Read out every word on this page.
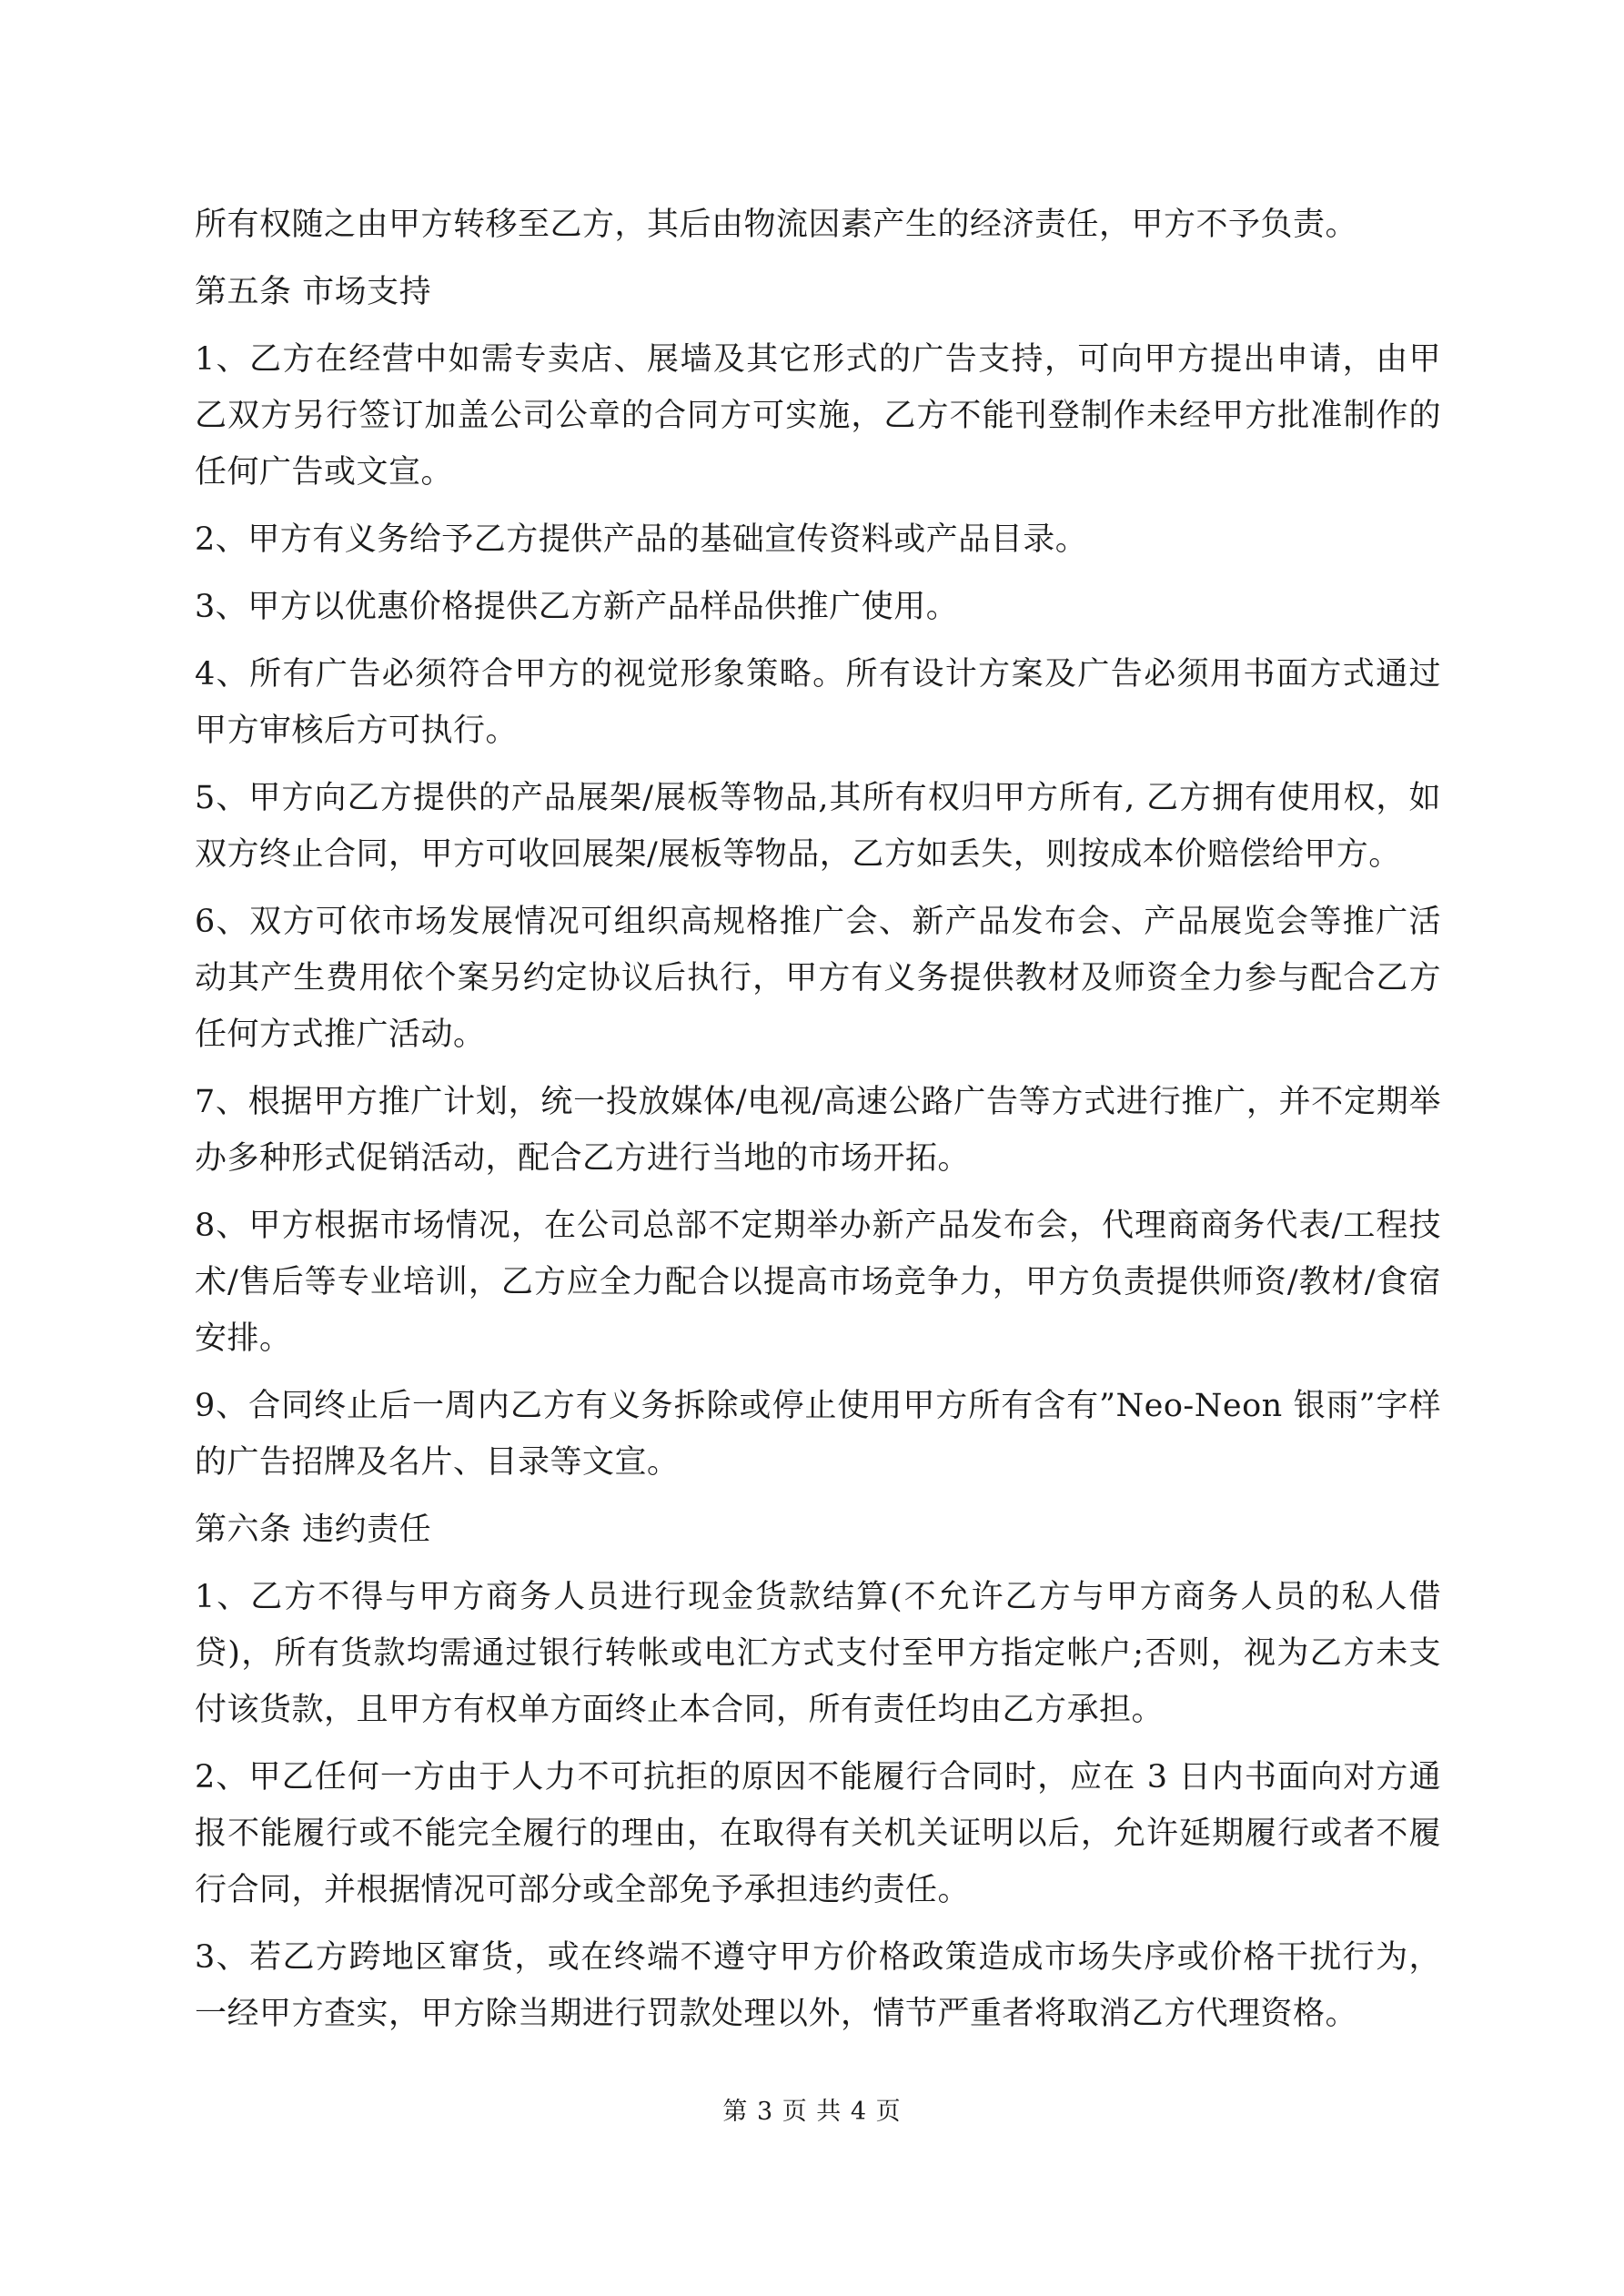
所有权随之由甲方转移至乙方，其后由物流因素产生的经济责任，甲方不予负责。

第五条 市场支持

1、乙方在经营中如需专卖店、展墙及其它形式的广告支持，可向甲方提出申请，由甲乙双方另行签订加盖公司公章的合同方可实施，乙方不能刊登制作未经甲方批准制作的任何广告或文宣。

2、甲方有义务给予乙方提供产品的基础宣传资料或产品目录。

3、甲方以优惠价格提供乙方新产品样品供推广使用。

4、所有广告必须符合甲方的视觉形象策略。所有设计方案及广告必须用书面方式通过甲方审核后方可执行。

5、甲方向乙方提供的产品展架/展板等物品,其所有权归甲方所有, 乙方拥有使用权，如双方终止合同，甲方可收回展架/展板等物品，乙方如丢失，则按成本价赔偿给甲方。

6、双方可依市场发展情况可组织高规格推广会、新产品发布会、产品展览会等推广活动其产生费用依个案另约定协议后执行，甲方有义务提供教材及师资全力参与配合乙方任何方式推广活动。

7、根据甲方推广计划，统一投放媒体/电视/高速公路广告等方式进行推广，并不定期举办多种形式促销活动，配合乙方进行当地的市场开拓。

8、甲方根据市场情况，在公司总部不定期举办新产品发布会，代理商商务代表/工程技术/售后等专业培训，乙方应全力配合以提高市场竞争力，甲方负责提供师资/教材/食宿安排。

9、合同终止后一周内乙方有义务拆除或停止使用甲方所有含有”Neo-Neon 银雨”字样的广告招牌及名片、目录等文宣。

第六条 违约责任

1、乙方不得与甲方商务人员进行现金货款结算(不允许乙方与甲方商务人员的私人借贷)，所有货款均需通过银行转帐或电汇方式支付至甲方指定帐户;否则，视为乙方未支付该货款，且甲方有权单方面终止本合同，所有责任均由乙方承担。

2、甲乙任何一方由于人力不可抗拒的原因不能履行合同时，应在 3 日内书面向对方通报不能履行或不能完全履行的理由，在取得有关机关证明以后，允许延期履行或者不履行合同，并根据情况可部分或全部免予承担违约责任。

3、若乙方跨地区窜货，或在终端不遵守甲方价格政策造成市场失序或价格干扰行为，一经甲方查实，甲方除当期进行罚款处理以外，情节严重者将取消乙方代理资格。

第 3 页 共 4 页
